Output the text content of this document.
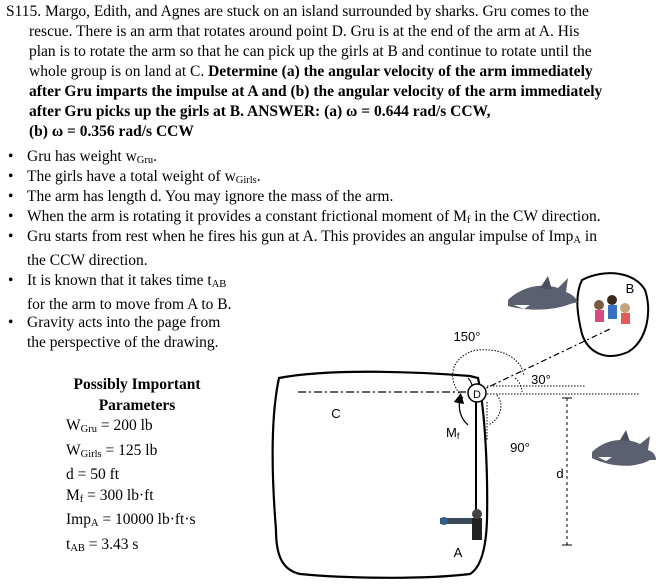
S115. Margo, Edith, and Agnes are stuck on an island surrounded by sharks. Gru comes to the

rescue. There is an arm that rotates around point D. Gru is at the end of the arm at A. His

plan is to rotate the arm so that he can pick up the girls at B and continue to rotate until the

whole group is on land at C. Determine (a) the angular velocity of the arm immediately

after Gru imparts the impulse at A and (b) the angular velocity of the arm immediately

after Gru picks up the girls at B. ANSWER: (a) ω = 0.644 rad/s CCW,

(b) ω = 0.356 rad/s CCW

• Gru has weight wGru.
• The girls have a total weight of wGirls.
• The arm has length d. You may ignore the mass of the arm.
• When the arm is rotating it provides a constant frictional moment of Mf in the CW direction.
• Gru starts from rest when he fires his gun at A. This provides an angular impulse of ImpA in
the CCW direction.
• It is known that it takes time tAB
for the arm to move from A to B.
• Gravity acts into the page from
the perspective of the drawing.
Possibly Important
Parameters
WGru = 200 lb
WGirls = 125 lb
d = 50 ft
Mf = 300 lb·ft
ImpA = 10000 lb·ft·s
tAB = 3.43 s
C
D
A
B
Mf
d
150°
30°
90°
